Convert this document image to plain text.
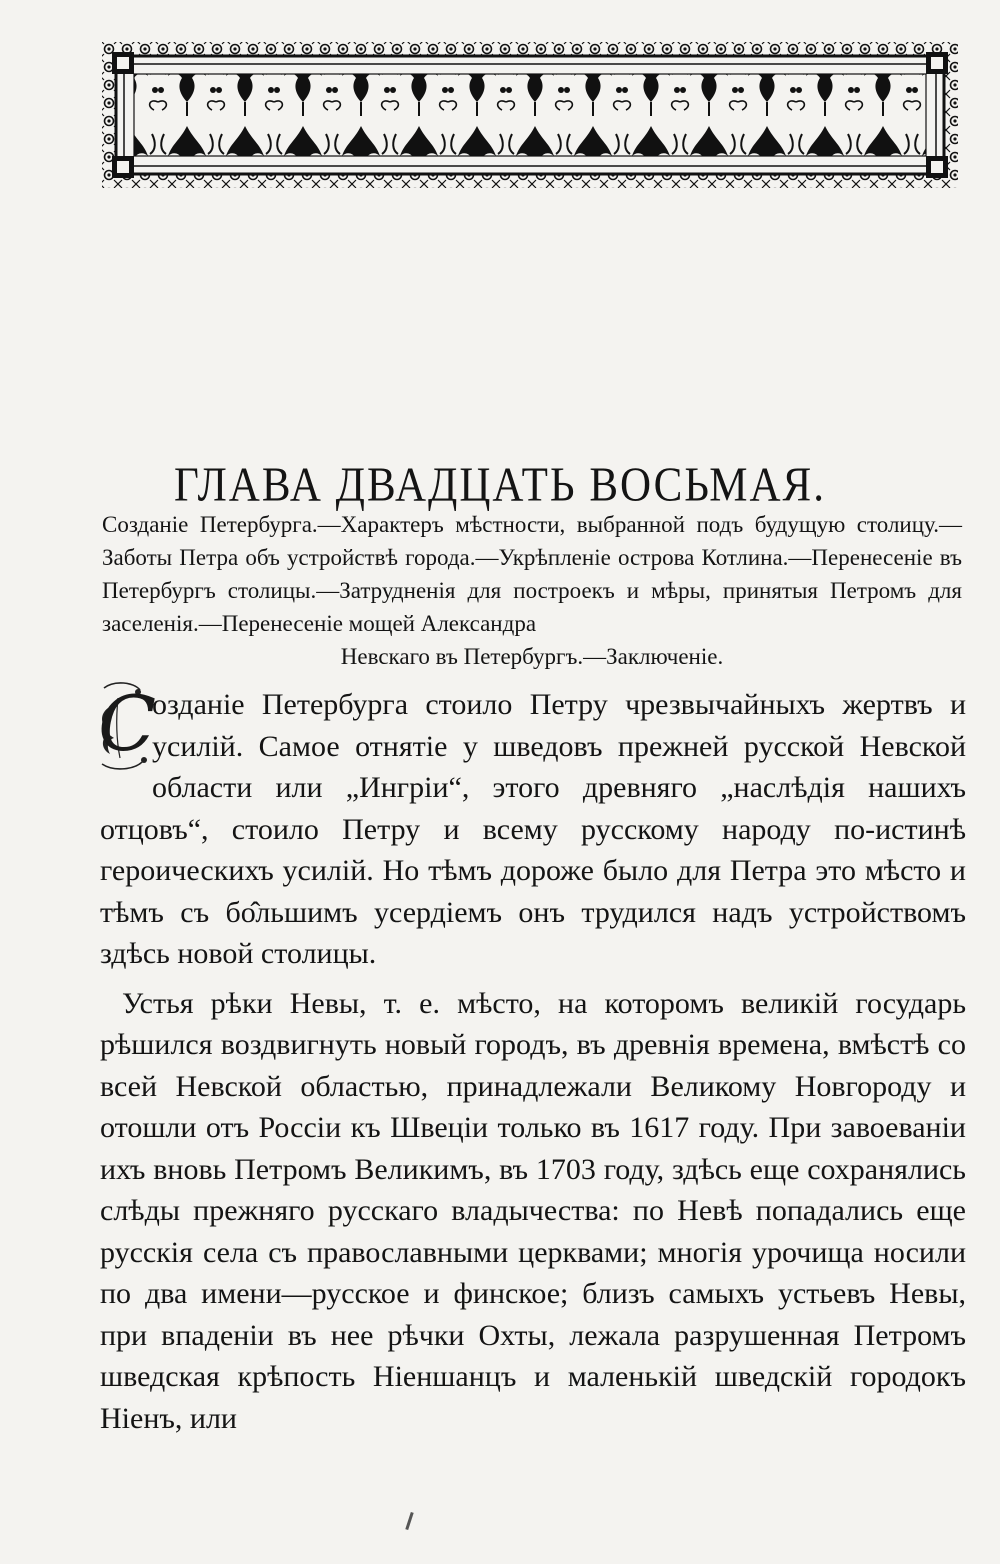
ГЛАВА ДВАДЦАТЬ ВОСЬМАЯ.
Созданіе Петербурга.—Характеръ мѣстности, выбранной подъ будущую столицу.—Заботы Петра объ устройствѣ города.—Укрѣпленіе острова Котлина.—Перенесеніе въ Петербургъ столицы.—Затрудненія для построекъ и мѣры, принятыя Петромъ для заселенія.—Перенесеніе мощей Александра
Невскаго въ Петербургъ.—Заключеніе.

С
озданіе Петербурга стоило Петру чрезвычайныхъ жертвъ и усилій. Самое отнятіе у шведовъ прежней русской Невской области или „Ингріи“, этого древняго „наслѣдія нашихъ отцовъ“, стоило Петру и всему русскому народу по-истинѣ героическихъ усилій. Но тѣмъ дороже было для Петра это мѣсто и тѣмъ съ бо̂льшимъ усердіемъ онъ трудился надъ устройствомъ здѣсь новой столицы.

Устья рѣки Невы, т. е. мѣсто, на которомъ великій государь рѣшился воздвигнуть новый городъ, въ древнія времена, вмѣстѣ со всей Невской областью, принадлежали Великому Новгороду и отошли отъ Россіи къ Швеціи только въ 1617 году. При завоеваніи ихъ вновь Петромъ Великимъ, въ 1703 году, здѣсь еще сохранялись слѣды прежняго русскаго владычества: по Невѣ попадались еще русскія села съ православными церквами; многія урочища носили по два имени—русское и финское; близъ самыхъ устьевъ Невы, при впаденіи въ нее рѣчки Охты, лежала разрушенная Петромъ шведская крѣпость Ніеншанцъ и маленькій шведскій городокъ Ніенъ, или
